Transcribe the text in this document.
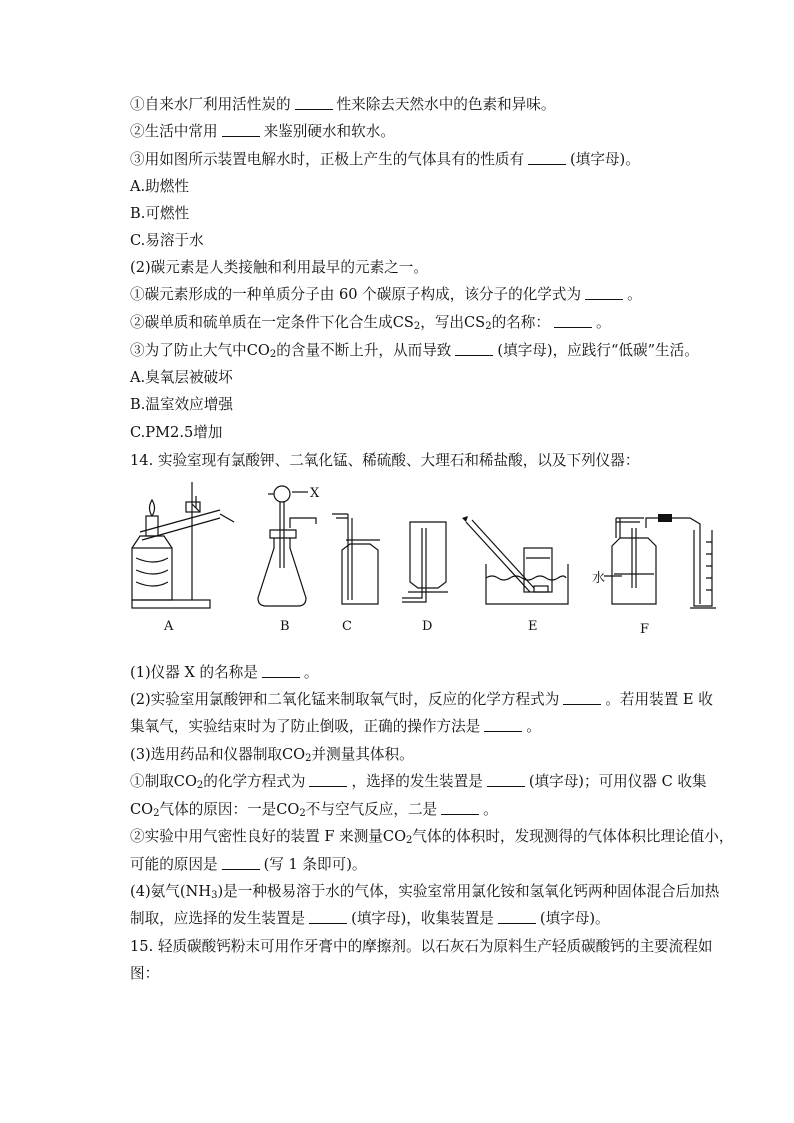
①自来水厂利用活性炭的	性来除去天然水中的色素和异味。
②生活中常用	来鉴别硬水和软水。
③用如图所示装置电解水时，正极上产生的气体具有的性质有	(填字母)。
A.助燃性
B.可燃性
C.易溶于水
(2)碳元素是人类接触和利用最早的元素之一。
①碳元素形成的一种单质分子由 60 个碳原子构成，该分子的化学式为	。
②碳单质和硫单质在一定条件下化合生成$CS_2$，写出$CS_2$的名称：	。
③为了防止大气中$CO_2$的含量不断上升，从而导致	(填字母)，应践行“低碳”生活。
A.臭氧层被破坏
B.温室效应增强
C.PM2.5增加
14. 实验室现有氯酸钾、二氧化锰、稀硫酸、大理石和稀盐酸，以及下列仪器：
A
X
B	C	D	E
水
F
(1)仪器 X 的名称是	。
(2)实验室用氯酸钾和二氧化锰来制取氧气时，反应的化学方程式为	。若用装置 E 收
集氧气，实验结束时为了防止倒吸，正确的操作方法是	。
(3)选用药品和仪器制取$CO_2$并测量其体积。
①制取$CO_2$的化学方程式为	，选择的发生装置是	(填字母)；可用仪器 C 收集
$CO_2$气体的原因：一是$CO_2$不与空气反应，二是	。
②实验中用气密性良好的装置 F 来测量$CO_2$气体的体积时，发现测得的气体体积比理论值小，
可能的原因是	(写 1 条即可)。
(4)氨气$(NH_3)$是一种极易溶于水的气体，实验室常用氯化铵和氢氧化钙两种固体混合后加热
制取，应选择的发生装置是	(填字母)，收集装置是	(填字母)。
15. 轻质碳酸钙粉末可用作牙膏中的摩擦剂。以石灰石为原料生产轻质碳酸钙的主要流程如
图：
